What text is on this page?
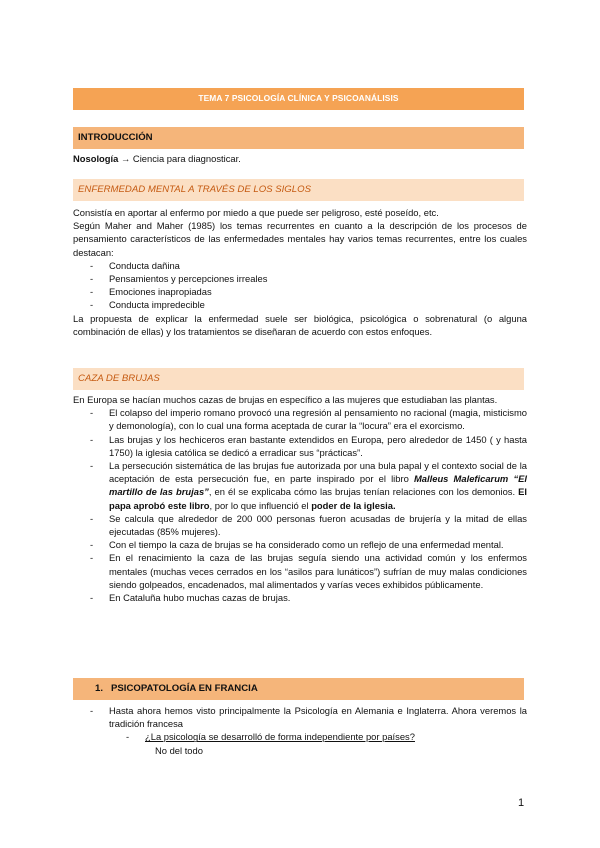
TEMA 7 PSICOLOGÍA CLÍNICA Y PSICOANÁLISIS
INTRODUCCIÓN

Nosología → Ciencia para diagnosticar.

ENFERMEDAD MENTAL A TRAVÉS DE LOS SIGLOS

Consistía en aportar al enfermo por miedo a que puede ser peligroso, esté poseído, etc.

Según Maher and Maher (1985) los temas recurrentes en cuanto a la descripción de los procesos de pensamiento característicos de las enfermedades mentales hay varios temas recurrentes, entre los cuales destacan:

- Conducta dañina
- Pensamientos y percepciones irreales
- Emociones inapropiadas
- Conducta impredecible

La propuesta de explicar la enfermedad suele ser biológica, psicológica o sobrenatural (o alguna combinación de ellas) y los tratamientos se diseñaran de acuerdo con estos enfoques.

CAZA DE BRUJAS

En Europa se hacían muchos cazas de brujas en específico a las mujeres que estudiaban las plantas.

- El colapso del imperio romano provocó una regresión al pensamiento no racional (magia, misticismo y demonología), con lo cual una forma aceptada de curar la “locura” era el exorcismo.
- Las brujas y los hechiceros eran bastante extendidos en Europa, pero alrededor de 1450 ( y hasta 1750) la iglesia católica se dedicó a erradicar sus “prácticas”.
- La persecución sistemática de las brujas fue autorizada por una bula papal y el contexto social de la aceptación de esta persecución fue, en parte inspirado por el libro Malleus Maleficarum “El martillo de las brujas”, en él se explicaba cómo las brujas tenían relaciones con los demonios. El papa aprobó este libro, por lo que influenció el poder de la iglesia.
- Se calcula que alrededor de 200 000 personas fueron acusadas de brujería y la mitad de ellas ejecutadas (85% mujeres).
- Con el tiempo la caza de brujas se ha considerado como un reflejo de una enfermedad mental.
- En el renacimiento la caza de las brujas seguía siendo una actividad común y los enfermos mentales (muchas veces cerrados en los “asilos para lunáticos”) sufrían de muy malas condiciones siendo golpeados, encadenados, mal alimentados y varías veces exhibidos públicamente.
- En Cataluña hubo muchas cazas de brujas.
1.   PSICOPATOLOGÍA EN FRANCIA
- Hasta ahora hemos visto principalmente la Psicología en Alemania e Inglaterra. Ahora veremos la tradición francesa
- ¿La psicología se desarrolló de forma independiente por países?

No del todo

1
